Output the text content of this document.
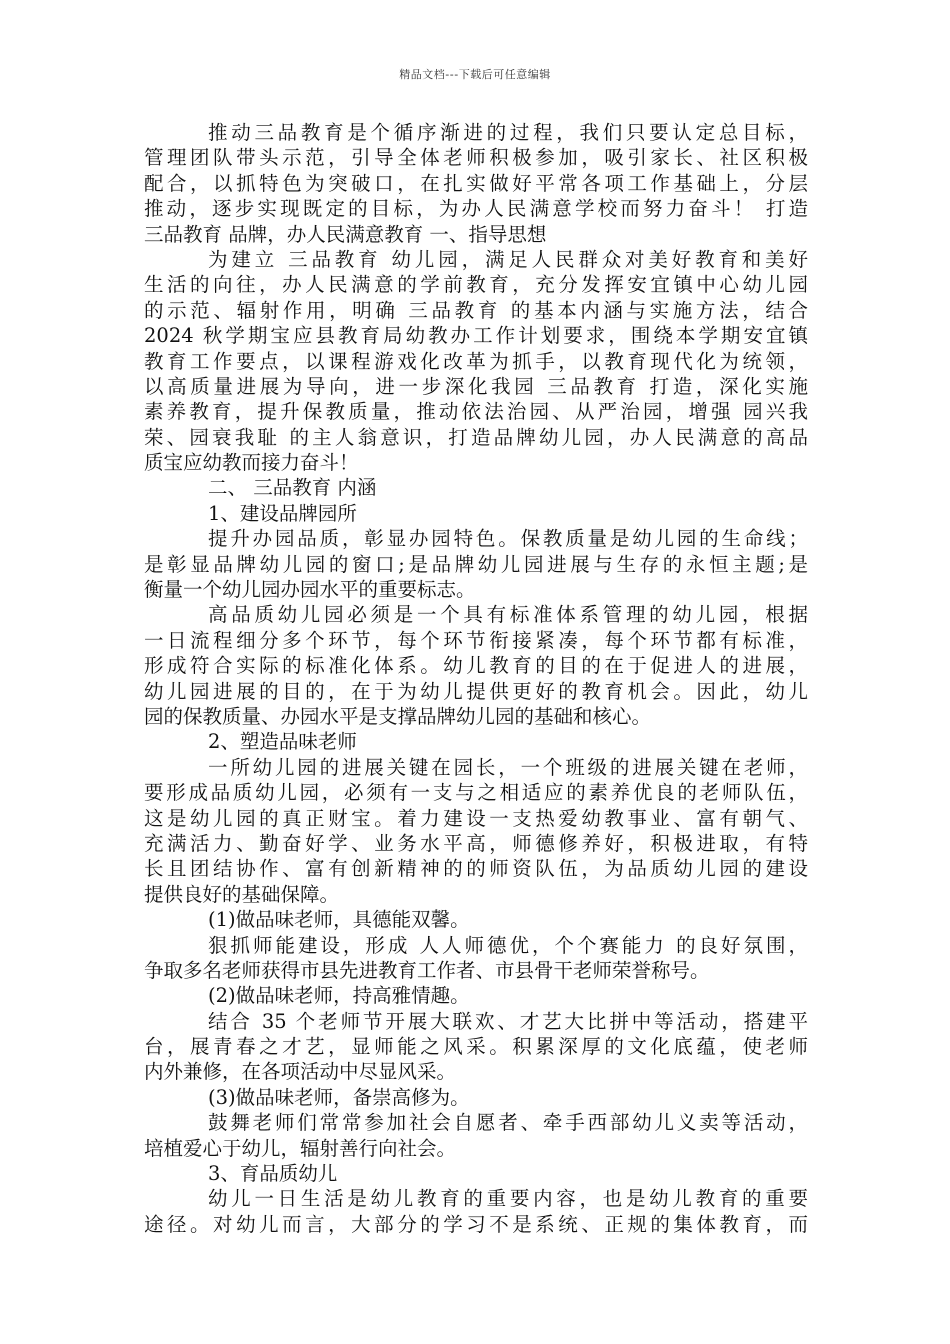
精品文档---下载后可任意编辑
推动三品教育是个循序渐进的过程，我们只要认定总目标，
管理团队带头示范，引导全体老师积极参加，吸引家长、社区积极
配合，以抓特色为突破口，在扎实做好平常各项工作基础上，分层
推动，逐步实现既定的目标，为办人民满意学校而努力奋斗！ 打造
三品教育 品牌，办人民满意教育 一、指导思想
为建立 三品教育 幼儿园，满足人民群众对美好教育和美好
生活的向往，办人民满意的学前教育，充分发挥安宜镇中心幼儿园
的示范、辐射作用，明确 三品教育 的基本内涵与实施方法，结合
2024 秋学期宝应县教育局幼教办工作计划要求，围绕本学期安宜镇
教育工作要点，以课程游戏化改革为抓手，以教育现代化为统领，
以高质量进展为导向，进一步深化我园 三品教育 打造，深化实施
素养教育，提升保教质量，推动依法治园、从严治园，增强 园兴我
荣、园衰我耻 的主人翁意识，打造品牌幼儿园，办人民满意的高品
质宝应幼教而接力奋斗！
二、 三品教育 内涵
1、建设品牌园所
提升办园品质，彰显办园特色。保教质量是幼儿园的生命线；
是彰显品牌幼儿园的窗口;是品牌幼儿园进展与生存的永恒主题;是
衡量一个幼儿园办园水平的重要标志。
高品质幼儿园必须是一个具有标准体系管理的幼儿园，根据
一日流程细分多个环节，每个环节衔接紧凑，每个环节都有标准，
形成符合实际的标准化体系。幼儿教育的目的在于促进人的进展，
幼儿园进展的目的，在于为幼儿提供更好的教育机会。因此，幼儿
园的保教质量、办园水平是支撑品牌幼儿园的基础和核心。
2、塑造品味老师
一所幼儿园的进展关键在园长，一个班级的进展关键在老师，
要形成品质幼儿园，必须有一支与之相适应的素养优良的老师队伍，
这是幼儿园的真正财宝。着力建设一支热爱幼教事业、富有朝气、
充满活力、勤奋好学、业务水平高，师德修养好，积极进取，有特
长且团结协作、富有创新精神的的师资队伍，为品质幼儿园的建设
提供良好的基础保障。
(1)做品味老师，具德能双馨。
狠抓师能建设，形成 人人师德优，个个赛能力 的良好氛围，
争取多名老师获得市县先进教育工作者、市县骨干老师荣誉称号。
(2)做品味老师，持高雅情趣。
结合 35 个老师节开展大联欢、才艺大比拼中等活动，搭建平
台，展青春之才艺，显师能之风采。积累深厚的文化底蕴，使老师
内外兼修，在各项活动中尽显风采。
(3)做品味老师，备崇高修为。
鼓舞老师们常常参加社会自愿者、牵手西部幼儿义卖等活动，
培植爱心于幼儿，辐射善行向社会。
3、育品质幼儿
幼儿一日生活是幼儿教育的重要内容，也是幼儿教育的重要
途径。对幼儿而言，大部分的学习不是系统、正规的集体教育，而
